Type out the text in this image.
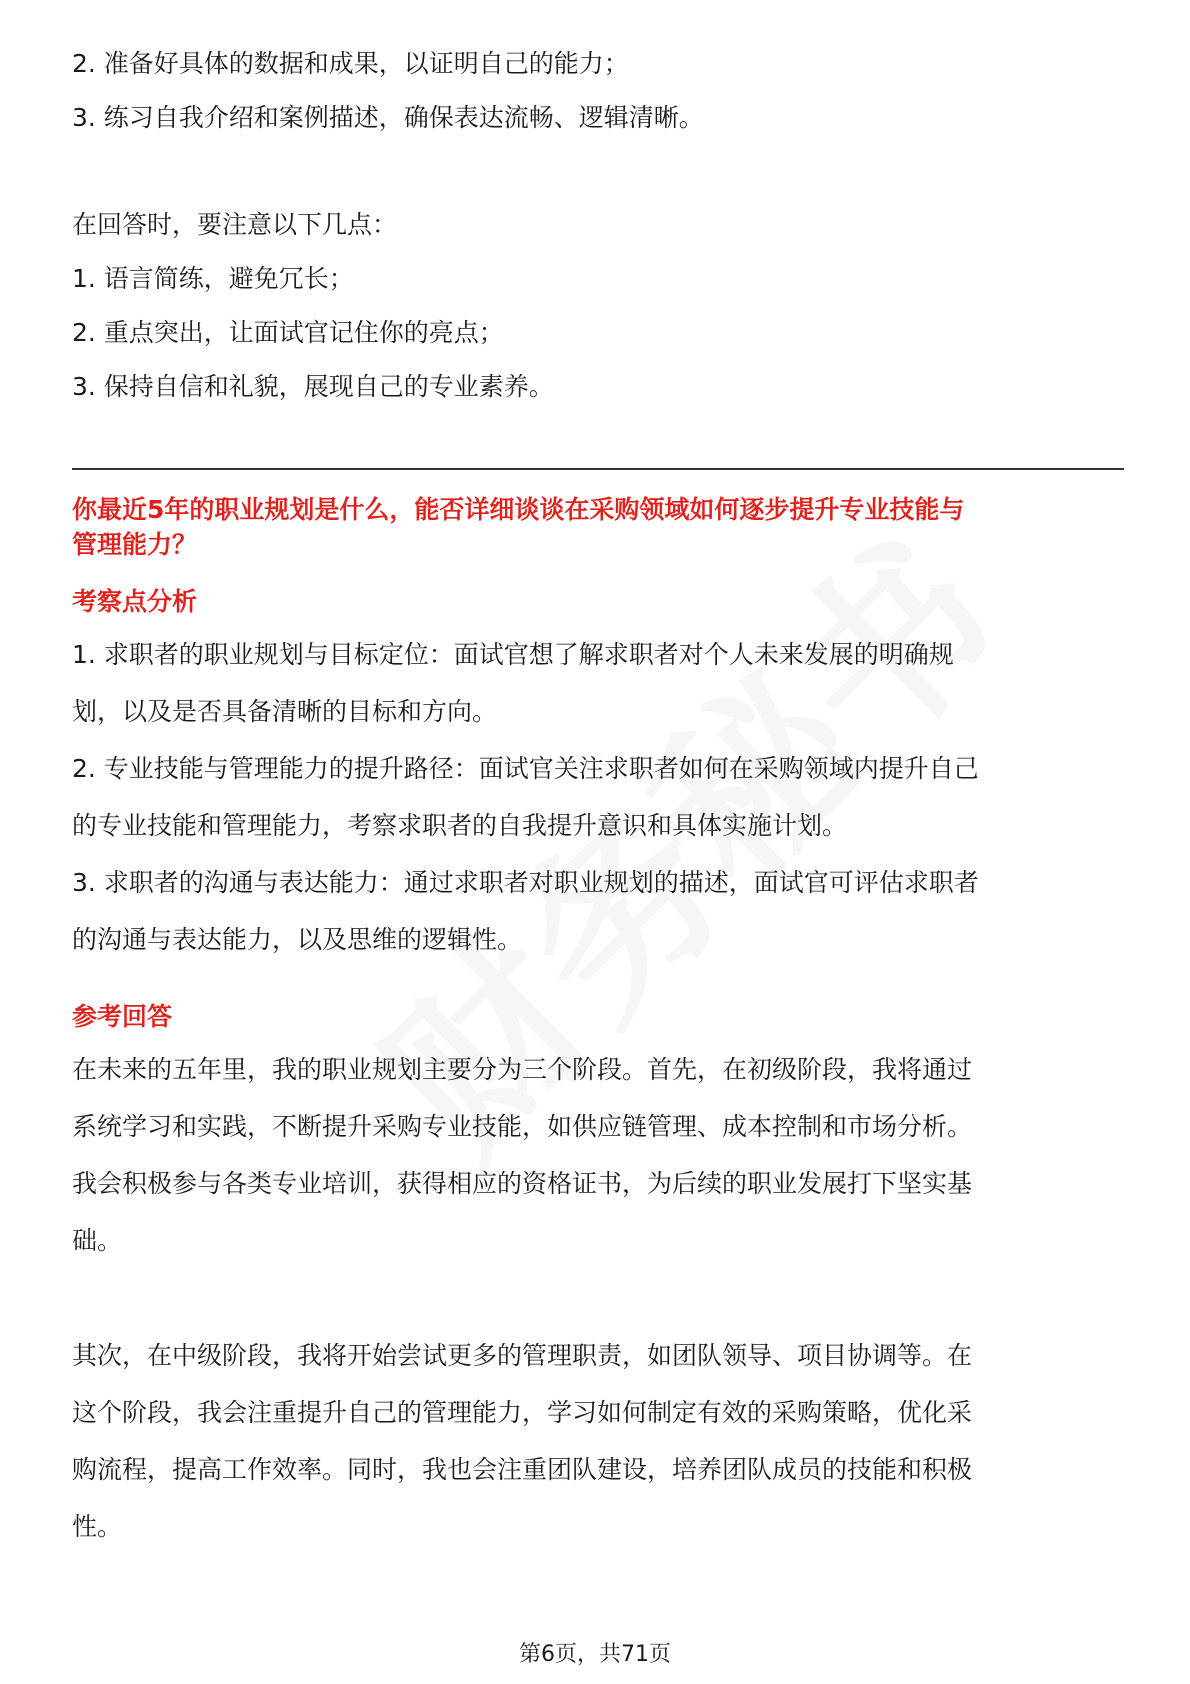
2. 准备好具体的数据和成果，以证明自己的能力；
3. 练习自我介绍和案例描述，确保表达流畅、逻辑清晰。
在回答时，要注意以下几点：
1. 语言简练，避免冗长；
2. 重点突出，让面试官记住你的亮点；
3. 保持自信和礼貌，展现自己的专业素养。
你最近5年的职业规划是什么，能否详细谈谈在采购领域如何逐步提升专业技能与
管理能力？
考察点分析
1. 求职者的职业规划与目标定位：面试官想了解求职者对个人未来发展的明确规
划，以及是否具备清晰的目标和方向。
2. 专业技能与管理能力的提升路径：面试官关注求职者如何在采购领域内提升自己
的专业技能和管理能力，考察求职者的自我提升意识和具体实施计划。
3. 求职者的沟通与表达能力：通过求职者对职业规划的描述，面试官可评估求职者
的沟通与表达能力，以及思维的逻辑性。
参考回答
在未来的五年里，我的职业规划主要分为三个阶段。首先，在初级阶段，我将通过
系统学习和实践，不断提升采购专业技能，如供应链管理、成本控制和市场分析。
我会积极参与各类专业培训，获得相应的资格证书，为后续的职业发展打下坚实基
础。
其次，在中级阶段，我将开始尝试更多的管理职责，如团队领导、项目协调等。在
这个阶段，我会注重提升自己的管理能力，学习如何制定有效的采购策略，优化采
购流程，提高工作效率。同时，我也会注重团队建设，培养团队成员的技能和积极
性。
第6页，共71页
